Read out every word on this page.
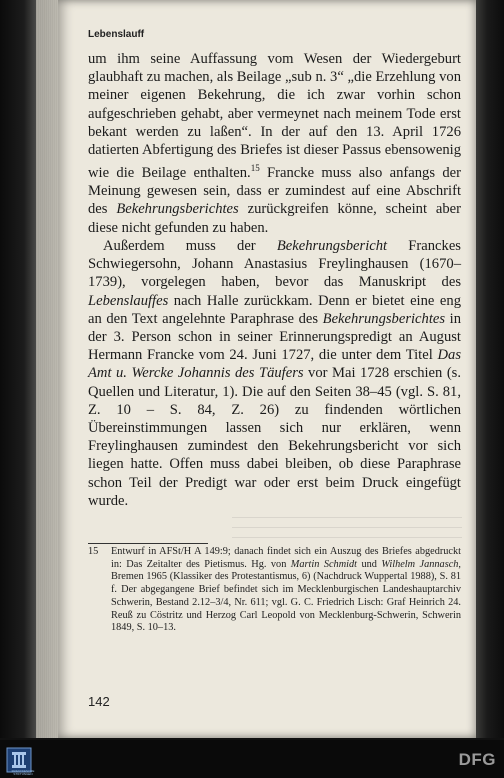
Lebenslauff

um ihm seine Auffassung vom Wesen der Wiedergeburt glaubhaft zu machen, als Beilage „sub n. 3“ „die Erzehlung von meiner eigenen Bekehrung, die ich zwar vorhin schon aufgeschrieben gehabt, aber vermeynet nach meinem Tode erst bekant werden zu laßen“. In der auf den 13. April 1726 datierten Abfertigung des Briefes ist dieser Passus ebensowenig wie die Beilage enthalten.$^{15}$ Francke muss also anfangs der Meinung gewesen sein, dass er zumindest auf eine Abschrift des Bekehrungsberichtes zurückgreifen könne, scheint aber diese nicht gefunden zu haben.

Außerdem muss der Bekehrungsbericht Franckes Schwiegersohn, Johann Anastasius Freylinghausen (1670–1739), vorgelegen haben, bevor das Manuskript des Lebenslauffes nach Halle zurückkam. Denn er bietet eine eng an den Text angelehnte Paraphrase des Bekehrungsberichtes in der 3. Person schon in seiner Erinnerungspredigt an August Hermann Francke vom 24. Juni 1727, die unter dem Titel Das Amt u. Wercke Johannis des Täufers vor Mai 1728 erschien (s. Quellen und Literatur, 1). Die auf den Seiten 38–45 (vgl. S. 81, Z. 10 – S. 84, Z. 26) zu findenden wörtlichen Übereinstimmungen lassen sich nur erklären, wenn Freylinghausen zumindest den Bekehrungsbericht vor sich liegen hatte. Offen muss dabei bleiben, ob diese Paraphrase schon Teil der Predigt war oder erst beim Druck eingefügt wurde.

15	Entwurf in AFSt/H A 149:9; danach findet sich ein Auszug des Briefes abgedruckt in: Das Zeitalter des Pietismus. Hg. von Martin Schmidt und Wilhelm Jannasch, Bremen 1965 (Klassiker des Protestantismus, 6) (Nachdruck Wuppertal 1988), S. 81 f. Der abgegangene Brief befindet sich im Mecklenburgischen Landeshauptarchiv Schwerin, Bestand 2.12–3/4, Nr. 611; vgl. G. C. Friedrich Lisch: Graf Heinrich 24. Reuß zu Cöstritz und Herzog Carl Leopold von Mecklenburg-Schwerin, Schwerin 1849, S. 10–13.
142
FRANCKESCHE STIFTUNGEN
DFG
